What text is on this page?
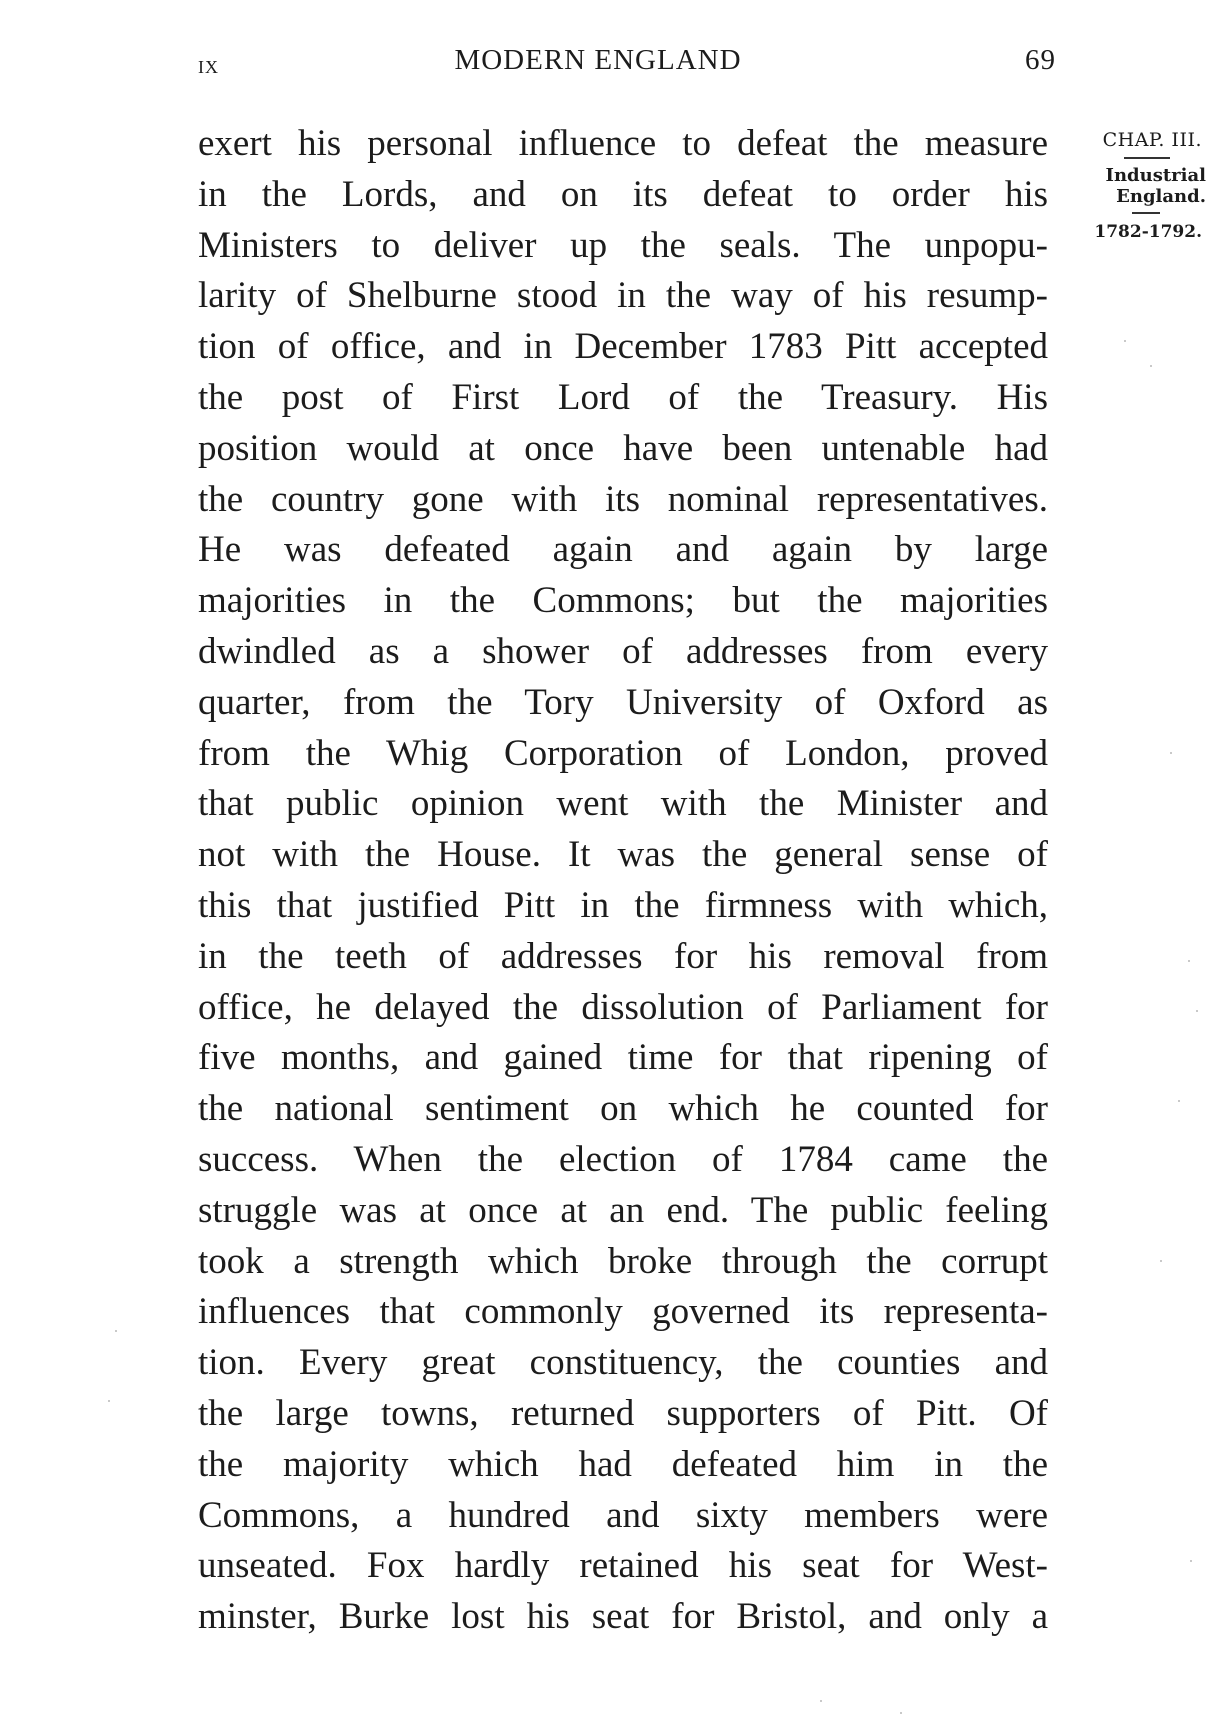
ix	MODERN ENGLAND	69
CHAP. III.
Industrial
England.
1782-1792.
exert his personal influence to defeat the measure
in the Lords, and on its defeat to order his
Ministers to deliver up the seals. The unpopu-
larity of Shelburne stood in the way of his resump-
tion of office, and in December 1783 Pitt accepted
the post of First Lord of the Treasury. His
position would at once have been untenable had
the country gone with its nominal representatives.
He was defeated again and again by large
majorities in the Commons; but the majorities
dwindled as a shower of addresses from every
quarter, from the Tory University of Oxford as
from the Whig Corporation of London, proved
that public opinion went with the Minister and
not with the House. It was the general sense of
this that justified Pitt in the firmness with which,
in the teeth of addresses for his removal from
office, he delayed the dissolution of Parliament for
five months, and gained time for that ripening of
the national sentiment on which he counted for
success. When the election of 1784 came the
struggle was at once at an end. The public feeling
took a strength which broke through the corrupt
influences that commonly governed its representa-
tion. Every great constituency, the counties and
the large towns, returned supporters of Pitt. Of
the majority which had defeated him in the
Commons, a hundred and sixty members were
unseated. Fox hardly retained his seat for West-
minster, Burke lost his seat for Bristol, and only a
